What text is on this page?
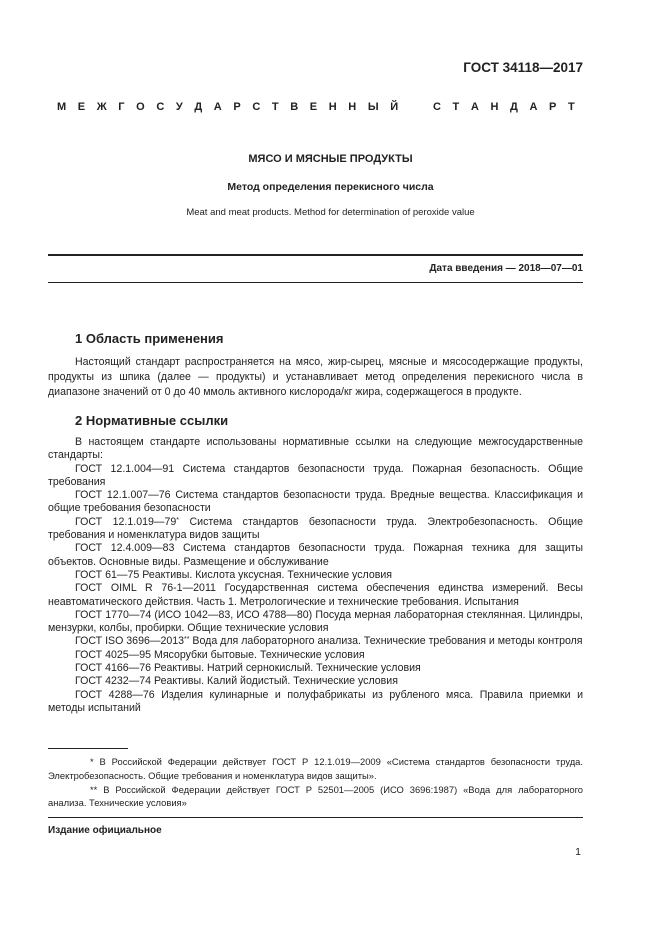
ГОСТ 34118—2017
М Е Ж Г О С У Д А Р С Т В Е Н Н Ы Й	С Т А Н Д А Р Т
МЯСО И МЯСНЫЕ ПРОДУКТЫ
Метод определения перекисного числа
Meat and meat products. Method for determination of peroxide value
Дата введения — 2018—07—01
1 Область применения

Настоящий стандарт распространяется на мясо, жир-сырец, мясные и мясосодержащие продукты, продукты из шпика (далее — продукты) и устанавливает метод определения перекисного числа в диапазоне значений от 0 до 40 ммоль активного кислорода/кг жира, содержащегося в продукте.

2 Нормативные ссылки

В настоящем стандарте использованы нормативные ссылки на следующие межгосударственные стандарты:

ГОСТ 12.1.004—91 Система стандартов безопасности труда. Пожарная безопасность. Общие требования

ГОСТ 12.1.007—76 Система стандартов безопасности труда. Вредные вещества. Классификация и общие требования безопасности

ГОСТ 12.1.019—79* Система стандартов безопасности труда. Электробезопасность. Общие требования и номенклатура видов защиты

ГОСТ 12.4.009—83 Система стандартов безопасности труда. Пожарная техника для защиты объектов. Основные виды. Размещение и обслуживание

ГОСТ 61—75 Реактивы. Кислота уксусная. Технические условия

ГОСТ OIML R 76-1—2011 Государственная система обеспечения единства измерений. Весы неавтоматического действия. Часть 1. Метрологические и технические требования. Испытания

ГОСТ 1770—74 (ИСО 1042—83, ИСО 4788—80) Посуда мерная лабораторная стеклянная. Цилиндры, мензурки, колбы, пробирки. Общие технические условия

ГОСТ ISO 3696—2013** Вода для лабораторного анализа. Технические требования и методы контроля

ГОСТ 4025—95 Мясорубки бытовые. Технические условия

ГОСТ 4166—76 Реактивы. Натрий сернокислый. Технические условия

ГОСТ 4232—74 Реактивы. Калий йодистый. Технические условия

ГОСТ 4288—76 Изделия кулинарные и полуфабрикаты из рубленого мяса. Правила приемки и методы испытаний

* В Российской Федерации действует ГОСТ Р 12.1.019—2009 «Система стандартов безопасности труда. Электробезопасность. Общие требования и номенклатура видов защиты».

** В Российской Федерации действует ГОСТ Р 52501—2005 (ИСО 3696:1987) «Вода для лабораторного анализа. Технические условия»

Издание официальное
1
